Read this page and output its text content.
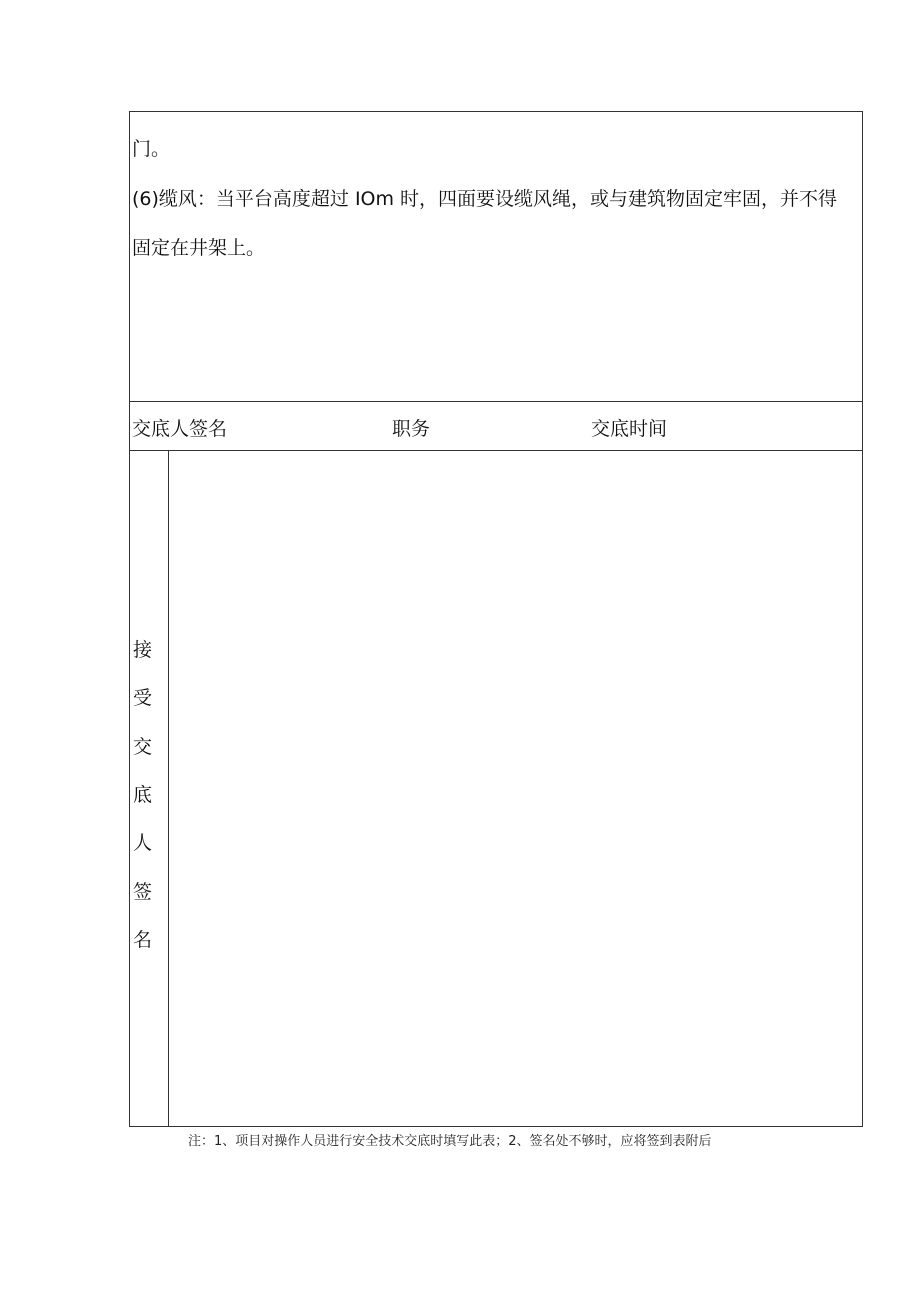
门。
(6)缆风：当平台高度超过 IOm 时，四面要设缆风绳，或与建筑物固定牢固，并不得
固定在井架上。
交底人签名	职务	交底时间
接
受
交
底
人
签
名
注：1、项目对操作人员进行安全技术交底时填写此表；2、签名处不够时，应将签到表附后
